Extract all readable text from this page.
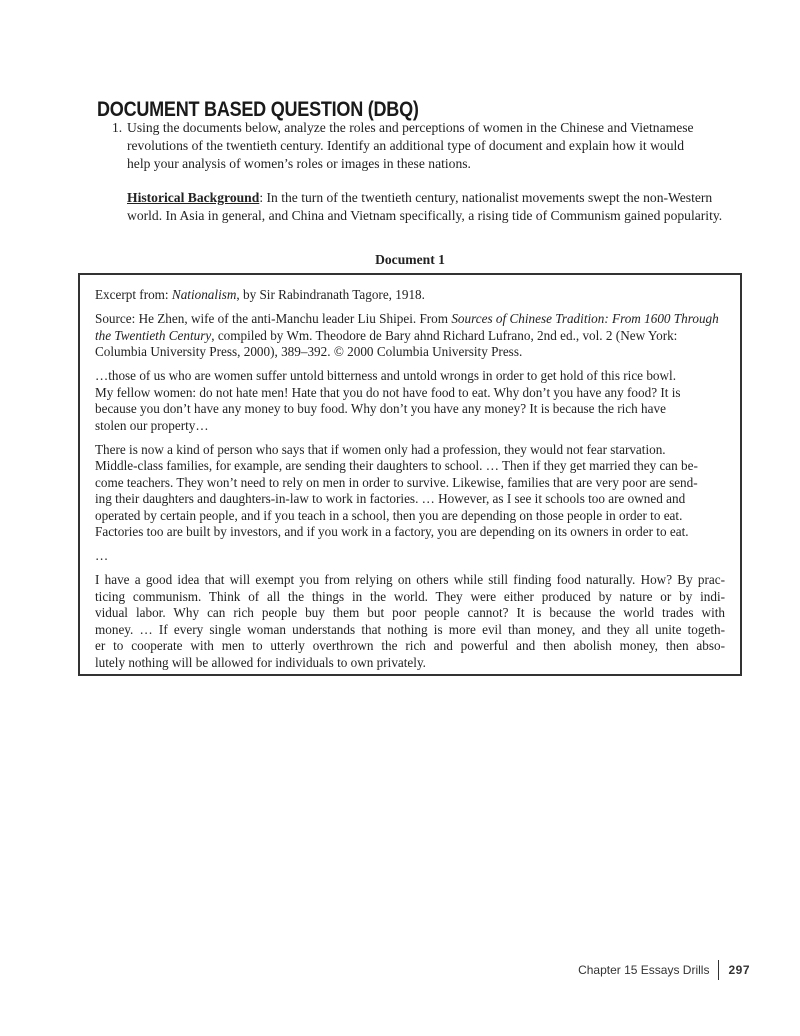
DOCUMENT BASED QUESTION (DBQ)
1. Using the documents below, analyze the roles and perceptions of women in the Chinese and Vietnamese
revolutions of the twentieth century. Identify an additional type of document and explain how it would
help your analysis of women’s roles or images in these nations.
Historical Background: In the turn of the twentieth century, nationalist movements swept the non-Western
world. In Asia in general, and China and Vietnam specifically, a rising tide of Communism gained popularity.
Document 1
Excerpt from: Nationalism, by Sir Rabindranath Tagore, 1918.
Source: He Zhen, wife of the anti-Manchu leader Liu Shipei. From Sources of Chinese Tradition: From 1600 Through
the Twentieth Century, compiled by Wm. Theodore de Bary ahnd Richard Lufrano, 2nd ed., vol. 2 (New York:
Columbia University Press, 2000), 389–392. © 2000 Columbia University Press.
…those of us who are women suffer untold bitterness and untold wrongs in order to get hold of this rice bowl.
My fellow women: do not hate men! Hate that you do not have food to eat. Why don’t you have any food? It is
because you don’t have any money to buy food. Why don’t you have any money? It is because the rich have
stolen our property…
There is now a kind of person who says that if women only had a profession, they would not fear starvation.
Middle-class families, for example, are sending their daughters to school. … Then if they get married they can be-
come teachers. They won’t need to rely on men in order to survive. Likewise, families that are very poor are send-
ing their daughters and daughters-in-law to work in factories. … However, as I see it schools too are owned and
operated by certain people, and if you teach in a school, then you are depending on those people in order to eat.
Factories too are built by investors, and if you work in a factory, you are depending on its owners in order to eat.
…
I have a good idea that will exempt you from relying on others while still finding food naturally. How? By prac-
ticing communism. Think of all the things in the world. They were either produced by nature or by indi-
vidual labor. Why can rich people buy them but poor people cannot? It is because the world trades with
money. … If every single woman understands that nothing is more evil than money, and they all unite togeth-
er to cooperate with men to utterly overthrown the rich and powerful and then abolish money, then abso-
lutely nothing will be allowed for individuals to own privately.
Chapter 15 Essays Drills 297
